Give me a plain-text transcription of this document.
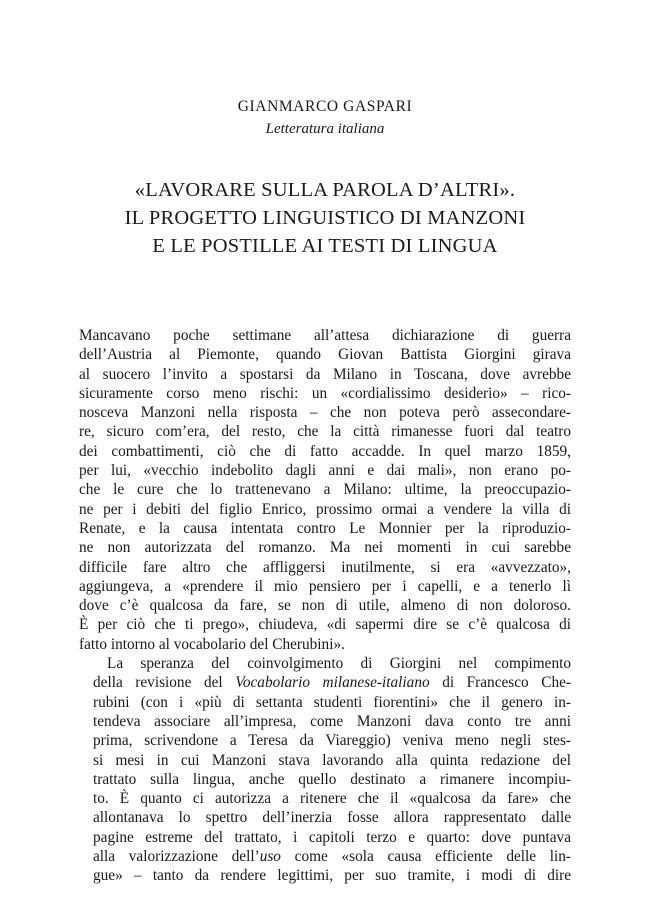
GIANMARCO GASPARI
Letteratura italiana
«LAVORARE SULLA PAROLA D’ALTRI».
IL PROGETTO LINGUISTICO DI MANZONI
E LE POSTILLE AI TESTI DI LINGUA

Mancavano poche settimane all’attesa dichiarazione di guerra
dell’Austria al Piemonte, quando Giovan Battista Giorgini girava
al suocero l’invito a spostarsi da Milano in Toscana, dove avrebbe
sicuramente corso meno rischi: un «cordialissimo desiderio» – rico-
nosceva Manzoni nella risposta – che non poteva però assecondare-
re, sicuro com’era, del resto, che la città rimanesse fuori dal teatro
dei combattimenti, ciò che di fatto accadde. In quel marzo 1859,
per lui, «vecchio indebolito dagli anni e dai mali», non erano po-
che le cure che lo trattenevano a Milano: ultime, la preoccupazio-
ne per i debiti del figlio Enrico, prossimo ormai a vendere la villa di
Renate, e la causa intentata contro Le Monnier per la riproduzio-
ne non autorizzata del romanzo. Ma nei momenti in cui sarebbe
difficile fare altro che affliggersi inutilmente, si era «avvezzato»,
aggiungeva, a «prendere il mio pensiero per i capelli, e a tenerlo lì
dove c’è qualcosa da fare, se non di utile, almeno di non doloroso.
È per ciò che ti prego», chiudeva, «di sapermi dire se c’è qualcosa di
fatto intorno al vocabolario del Cherubini».

La speranza del coinvolgimento di Giorgini nel compimento
della revisione del Vocabolario milanese-italiano di Francesco Che-
rubini (con i «più di settanta studenti fiorentini» che il genero in-
tendeva associare all’impresa, come Manzoni dava conto tre anni
prima, scrivendone a Teresa da Viareggio) veniva meno negli stes-
si mesi in cui Manzoni stava lavorando alla quinta redazione del
trattato sulla lingua, anche quello destinato a rimanere incompiu-
to. È quanto ci autorizza a ritenere che il «qualcosa da fare» che
allontanava lo spettro dell’inerzia fosse allora rappresentato dalle
pagine estreme del trattato, i capitoli terzo e quarto: dove puntava
alla valorizzazione dell’uso come «sola causa efficiente delle lin-
gue» – tanto da rendere legittimi, per suo tramite, i modi di dire
